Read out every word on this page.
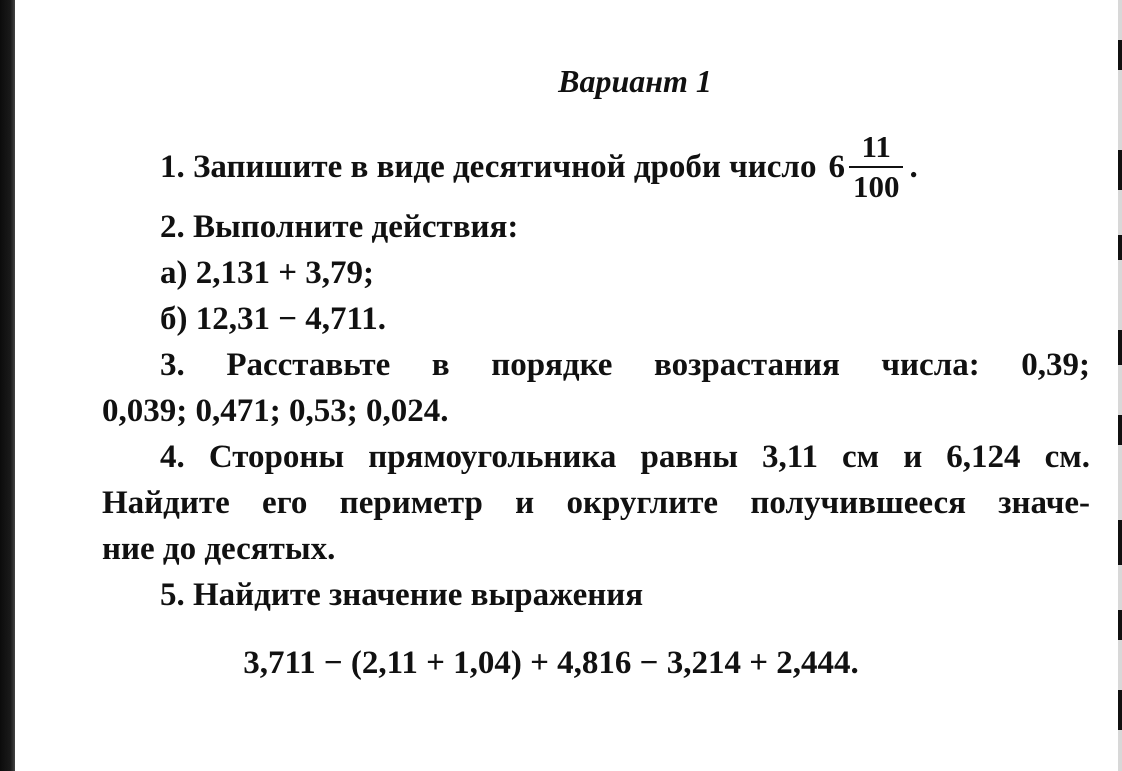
Вариант 1
1. Запишите в виде десятичной дроби число $6 \frac{11}{100}$ .

2. Выполните действия:

а) 2,131 + 3,79;

б) 12,31 − 4,711.

3. Расставьте в порядке возрастания числа: 0,39;

0,039; 0,471; 0,53; 0,024.

4. Стороны прямоугольника равны 3,11 см и 6,124 см.

Найдите его периметр и округлите получившееся значе-

ние до десятых.

5. Найдите значение выражения

3,711 − (2,11 + 1,04) + 4,816 − 3,214 + 2,444.
